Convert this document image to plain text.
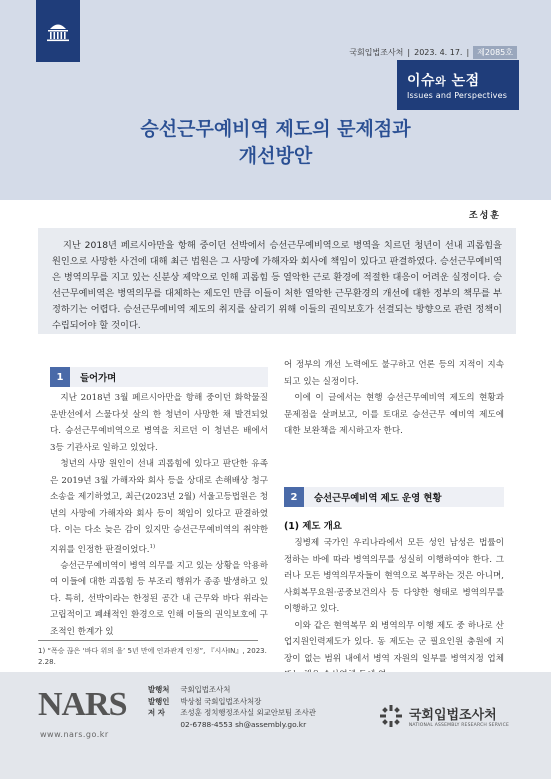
국회입법조사처 | 2023. 4. 17. |	제2085호
이슈와 논점
Issues and Perspectives
승선근무예비역 제도의 문제점과
개선방안
조성훈
지난 2018년 페르시아만을 항해 중이던 선박에서 승선근무예비역으로 병역을 치르던 청년이 선내 괴롭힘을 원인으로 사망한 사건에 대해 최근 법원은 그 사망에 가해자와 회사에 책임이 있다고 판결하였다. 승선근무예비역은 병역의무를 지고 있는 신분상 제약으로 인해 괴롭힘 등 열악한 근로 환경에 적절한 대응이 어려운 실정이다. 승선근무예비역은 병역의무를 대체하는 제도인 만큼 이들이 처한 열악한 근무환경의 개선에 대한 정부의 책무를 부정하기는 어렵다. 승선근무예비역 제도의 취지를 살리기 위해 이들의 권익보호가 선결되는 방향으로 관련 정책이 수립되어야 할 것이다.
1	들어가며

지난 2018년 3월 페르시아만을 항해 중이던 화학물질 운반선에서 스물다섯 살의 한 청년이 사망한 채 발견되었다. 승선근무예비역으로 병역을 치르던 이 청년은 배에서 3등 기관사로 일하고 있었다.

청년의 사망 원인이 선내 괴롭힘에 있다고 판단한 유족은 2019년 3월 가해자와 회사 등을 상대로 손해배상 청구소송을 제기하였고, 최근(2023년 2월) 서울고등법원은 청년의 사망에 가해자와 회사 등이 책임이 있다고 판결하였다. 이는 다소 늦은 감이 있지만 승선근무예비역의 취약한 지위를 인정한 판결이었다.$^{1)}$

승선근무예비역이 병역 의무를 지고 있는 상황을 악용하여 이들에 대한 괴롭힘 등 부조리 행위가 종종 발생하고 있다. 특히, 선박이라는 한정된 공간 내 근무와 바다 위라는 고립적이고 폐쇄적인 환경으로 인해 이들의 권익보호에 구조적인 한계가 있

어 정부의 개선 노력에도 불구하고 언론 등의 지적이 지속되고 있는 실정이다.

이에 이 글에서는 현행 승선근무예비역 제도의 현황과 문제점을 살펴보고, 이를 토대로 승선근무 예비역 제도에 대한 보완책을 제시하고자 한다.

2	승선근무예비역 제도 운영 현황
(1) 제도 개요

징병제 국가인 우리나라에서 모든 성인 남성은 법률이 정하는 바에 따라 병역의무를 성실히 이행하여야 한다. 그러나 모든 병역의무자들이 현역으로 복무하는 것은 아니며, 사회복무요원·공중보건의사 등 다양한 형태로 병역의무를 이행하고 있다.

이와 같은 현역복무 외 병역의무 이행 제도 중 하나로 산업지원인력제도가 있다. 동 제도는 군 필요인원 충원에 지장이 없는 범위 내에서 병역 자원의 일부를 병역지정 업체

1) “폭승 끊은 ‘바다 위의 을’ 5년 만에 인과관계 인정”, 『시사IN』, 2023. 2.28.
NARS
www.nars.go.kr
발행처 국회입법조사처
발행인 박상철 국회입법조사처장
저 자 조성훈 정치행정조사실 외교안보팀 조사관
02-6788-4553 sh@assembly.go.kr
국회입법조사처
NATIONAL ASSEMBLY RESEARCH SERVICE
